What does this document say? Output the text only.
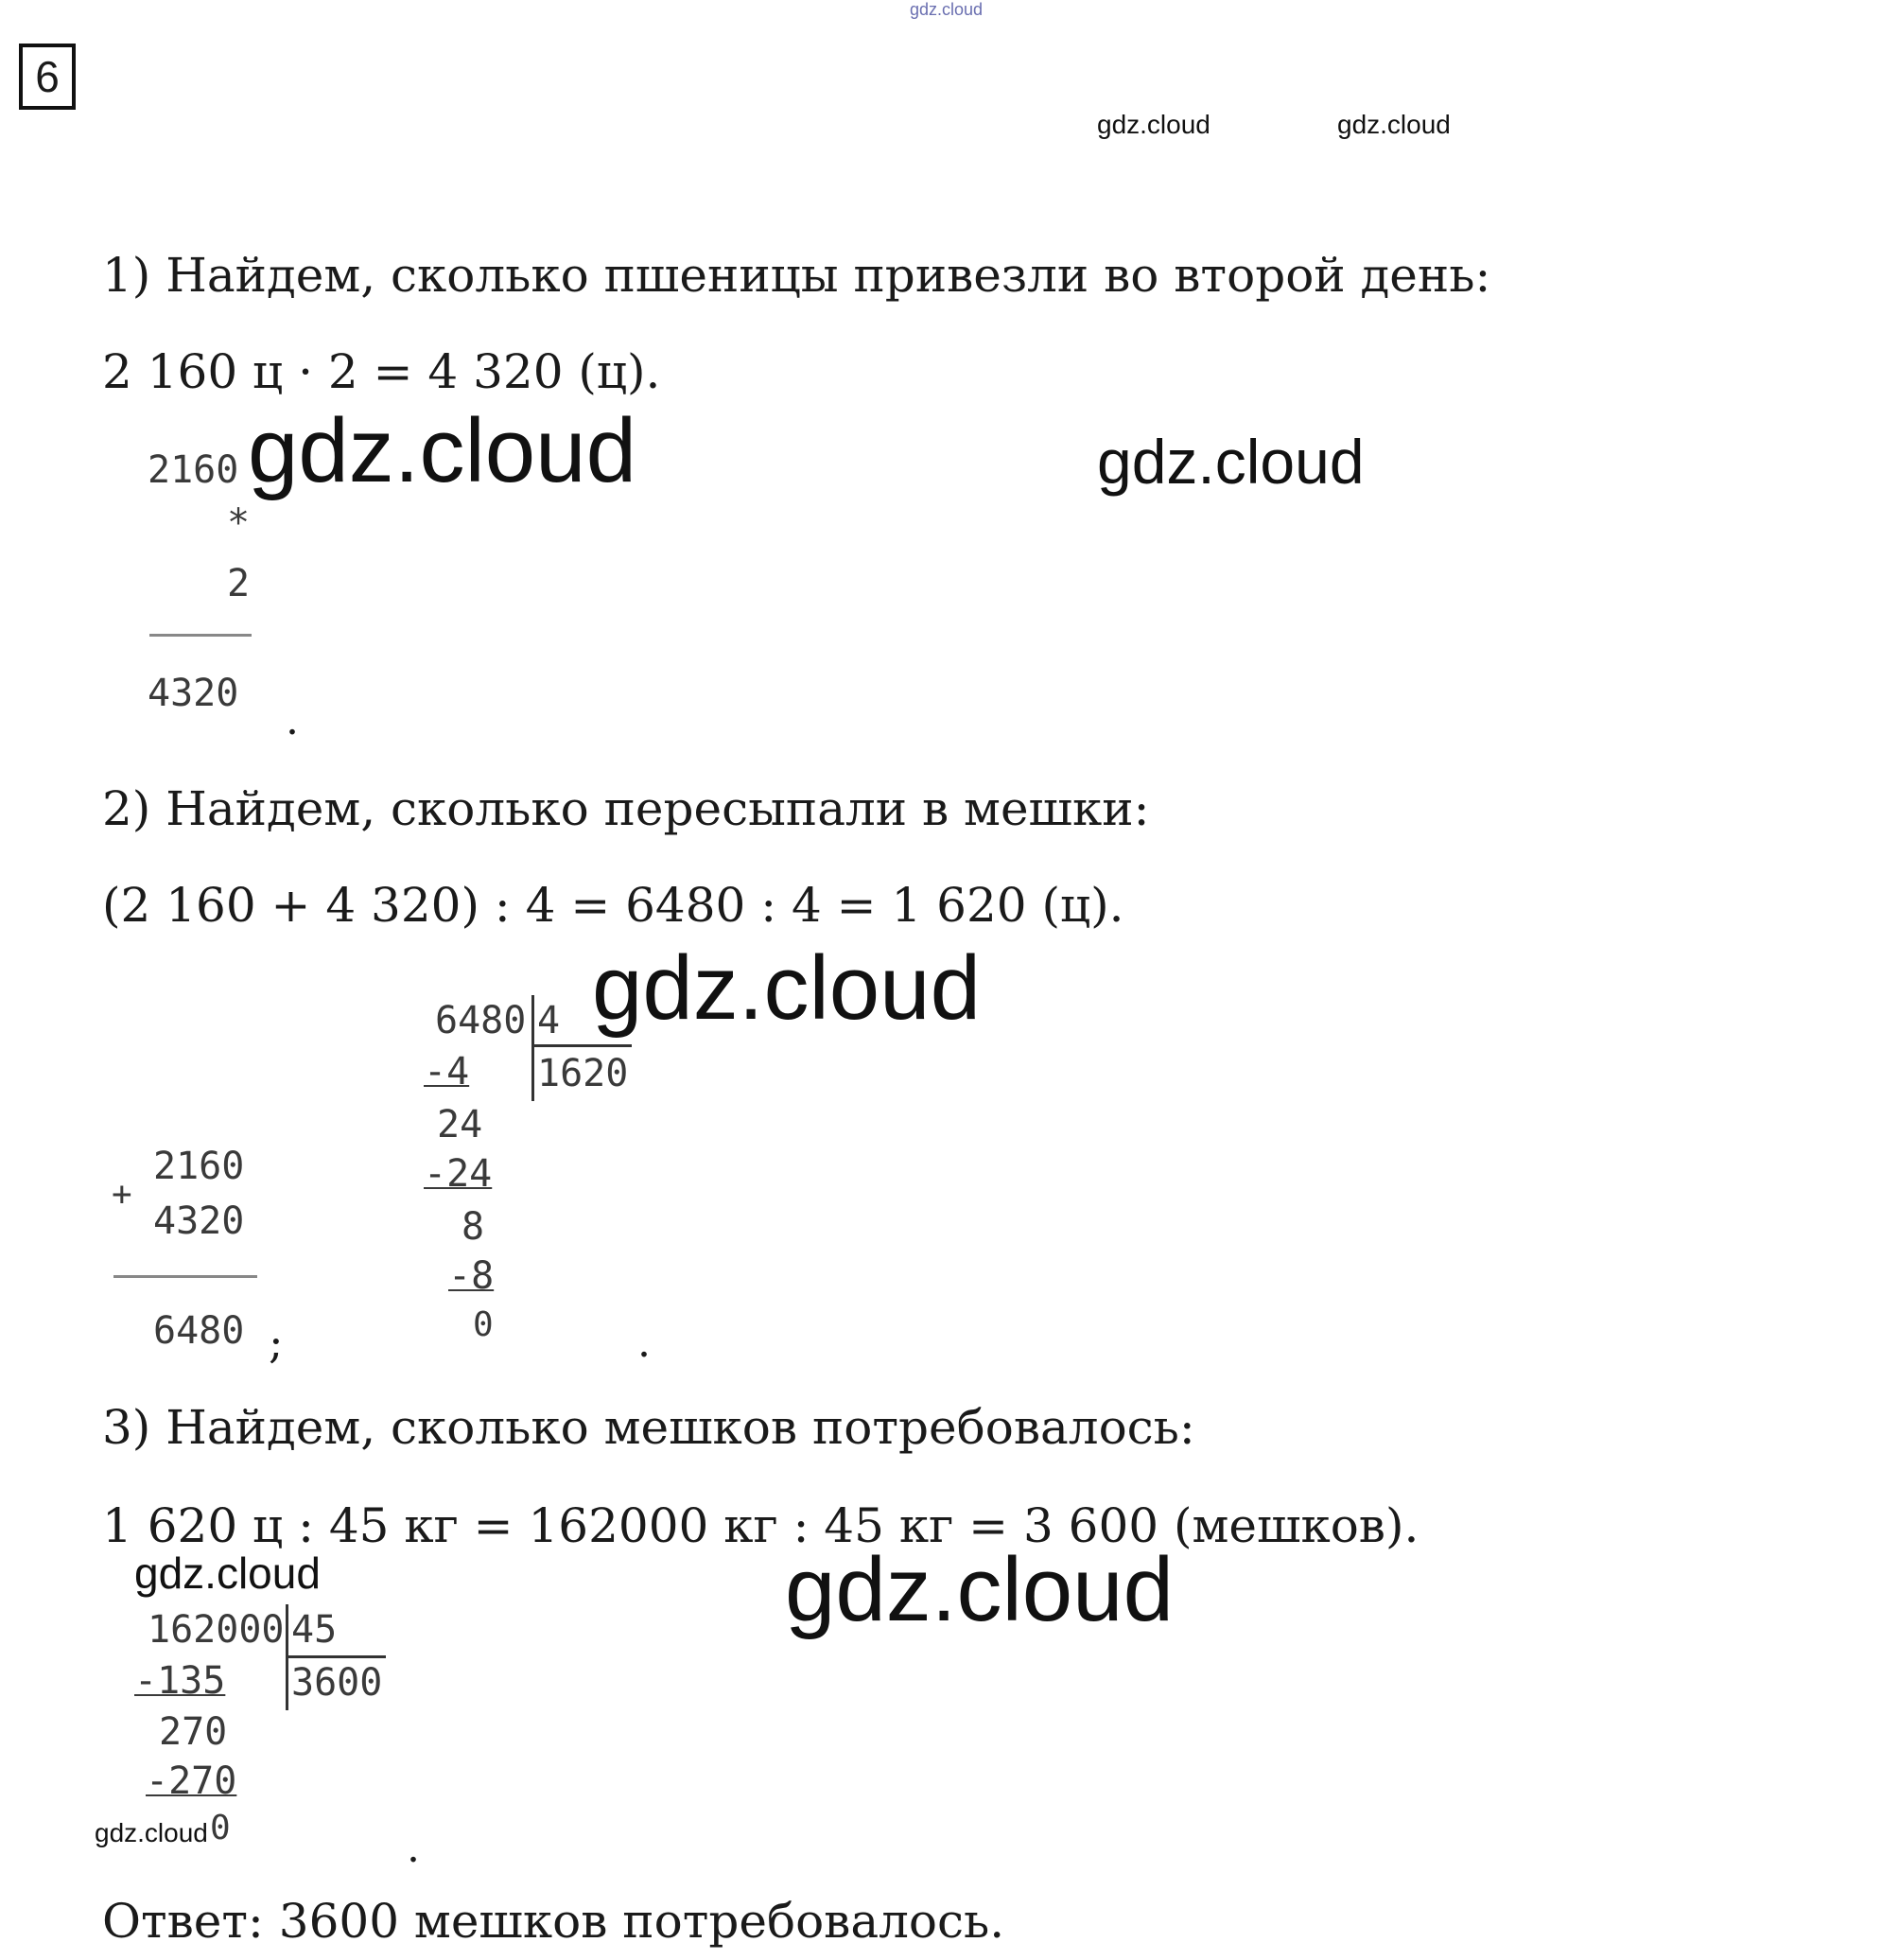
6
gdz.cloud
gdz.cloud	gdz.cloud
1) Найдем, сколько пшеницы привезли во второй день:
2 160 ц · 2 = 4 320 (ц).
2160
*
2
4320
.
gdz.cloud	gdz.cloud
2) Найдем, сколько пересыпали в мешки:
(2 160 + 4 320) : 4 = 6480 : 4 = 1 620 (ц).
+
2160
4320
6480 ;
6480 4
1620
-4
24
-24
8
-8
0	.
gdz.cloud
3) Найдем, сколько мешков потребовалось:
1 620 ц : 45 кг = 162000 кг : 45 кг = 3 600 (мешков).
gdz.cloud
162000 45
3600
-135
270
-270
0	.
gdz.cloud
gdz.cloud
Ответ: 3600 мешков потребовалось.
